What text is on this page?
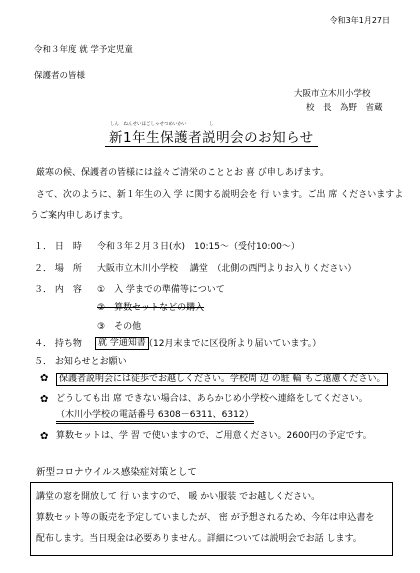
令和3年1月27日
令和３年度 就 学予定児童
保護者の皆様
大阪市立木川小学校
校　長　為野　省蔵
しん　ねんせいほごしゃせつめいかい　　　　　し
新1年生保護者説明会のお知らせ
厳寒の候、保護者の皆様には益々ご清栄のこととお 喜 び申しあげます。
さて、次のように、新１年生の入 学 に関する説明会を 行 います。ご出 席 くださいますよ
うご案内申しあげます。
１． 日　時 令和３年２月３日(水)　10:15～（受付10:00～）
２． 場　所 大阪市立木川小学校　 講堂　（北側の西門よりお入りください）
３． 内　容 ①　入 学までの準備等について
②　算数セットなどの購入
③　その他
４． 持ち物	就 学通知書
（12月末までに区役所より届いています。）
５． お知らせとお願い
✿	保護者説明会には徒歩でお越しください。学校周 辺 の駐 輪 もご遠慮ください。
✿ どうしても出 席 できない場合は、あらかじめ小学校へ連絡をしてください。
（木川小学校の電話番号 6308－6311、6312）
✿ 算数セットは、学 習 で使いますので、ご用意ください。2600円の予定です。
新型コロナウイルス感染症対策として
講堂の窓を開放して 行 いますので、 暖 かい服装 でお越しください。
算数セット等の販売を予定していましたが、 密 が予想されるため、今年は申込書を
配布します。当日現金は必要ありません。詳細については説明会でお話 します。
